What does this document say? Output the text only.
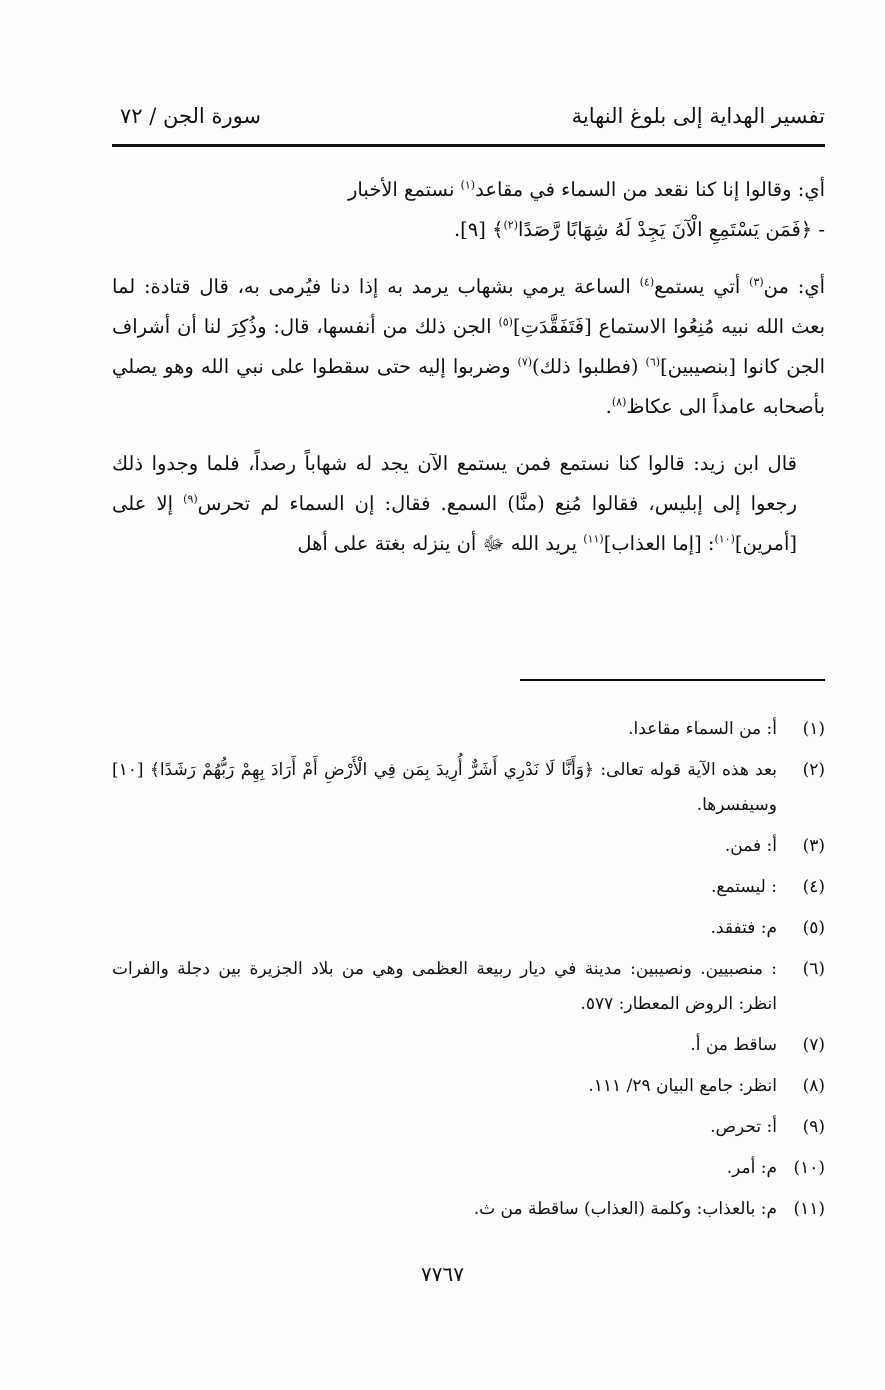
تفسير الهداية إلى بلوغ النهاية
سورة الجن / ٧٢

أي: وقالوا إنا كنا نقعد من السماء في مقاعد$^{(١)}$ نستمع الأخبار
- ﴿فَمَن يَسْتَمِعِ الْآنَ يَجِدْ لَهُ شِهَابًا رَّصَدًا$^{(٢)}$﴾ [٩].

أي: من$^{(٣)}$ أتي يستمع$^{(٤)}$ الساعة يرمي بشهاب يرمد به إذا دنا فيُرمى به، قال قتادة: لما بعث الله نبيه مُنِعُوا الاستماع [فَتَفَقَّدَتِ]$^{(٥)}$ الجن ذلك من أنفسها، قال: وذُكِرَ لنا أن أشراف الجن كانوا [بنصيبين]$^{(٦)}$ (فطلبوا ذلك)$^{(٧)}$ وضربوا إليه حتى سقطوا على نبي الله وهو يصلي بأصحابه عامداً الى عكاظ$^{(٨)}$.

قال ابن زيد: قالوا كنا نستمع فمن يستمع الآن يجد له شهاباً رصداً، فلما وجدوا ذلك رجعوا إلى إبليس، فقالوا مُنِع (منَّا) السمع. فقال: إن السماء لم تحرس$^{(٩)}$ إلا على [أمرين]$^{(١٠)}$: [إما العذاب]$^{(١١)}$ يريد الله ﷻ أن ينزله بغتة على أهل

(١)
أ: من السماء مقاعدا.
(٢)
بعد هذه الآية قوله تعالى: ﴿وَأَنَّا لَا نَدْرِي أَشَرٌّ أُرِيدَ بِمَن فِي الْأَرْضِ أَمْ أَرَادَ بِهِمْ رَبُّهُمْ رَشَدًا﴾ [١٠] وسيفسرها.
(٣)
أ: فمن.
(٤)
: ليستمع.
(٥)
م: فتفقد.
(٦)
: منصبيين. ونصيبين: مدينة في ديار ربيعة العظمى وهي من بلاد الجزيرة بين دجلة والفرات انظر: الروض المعطار: ٥٧٧.
(٧)
ساقط من أ.
(٨)
انظر: جامع البيان ٢٩/ ١١١.
(٩)
أ: تحرص.
(١٠)
م: أمر.
(١١)
م: بالعذاب: وكلمة (العذاب) ساقطة من ث.
٧٧٦٧
